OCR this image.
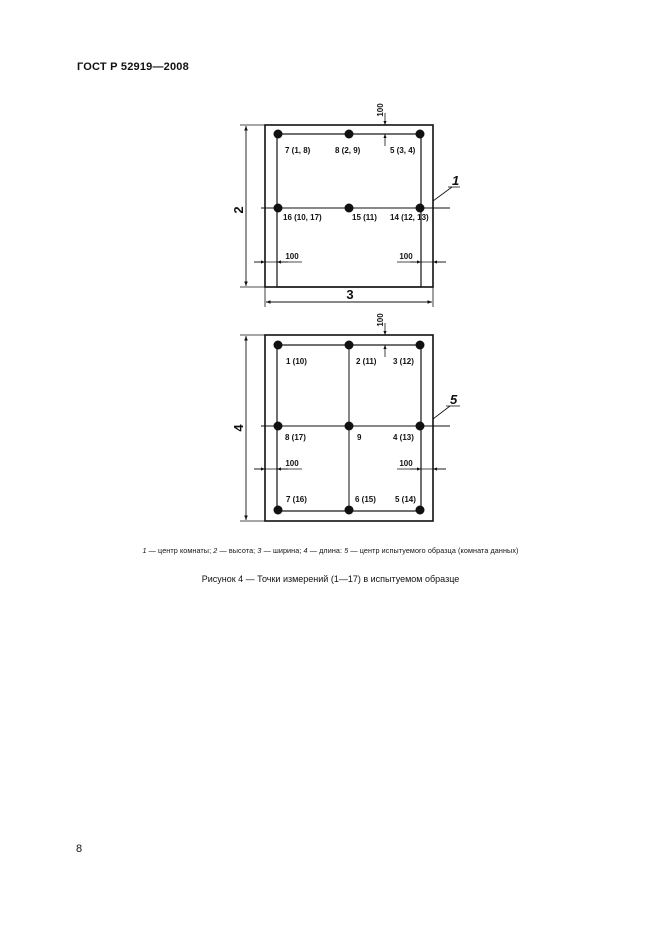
ГОСТ Р 52919—2008
2
3
100
100	100
1
7 (1, 8)	8 (2, 9)	5 (3, 4)
16 (10, 17)	15 (11) 14 (12, 13)
4
100
100	100
5
1 (10)	2 (11) 3 (12)
8 (17)	9	4 (13)
7 (16)	6 (15) 5 (14)
1 — центр комнаты; 2 — высота; 3 — ширина; 4 — длина: 5 — центр испытуемого образца (комната данных)
Рисунок 4 — Точки измерений (1—17) в испытуемом образце
8
